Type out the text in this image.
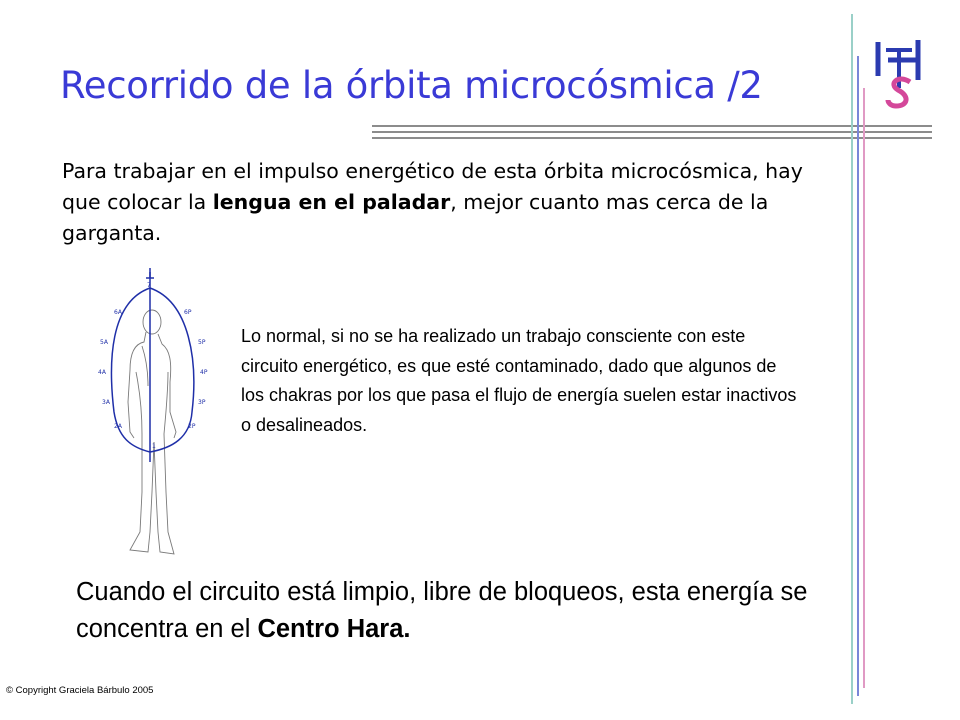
Recorrido de la órbita microcósmica /2
Para trabajar en el impulso energético de esta órbita microcósmica, hay que colocar la lengua en el paladar, mejor cuanto mas cerca de la garganta.
7
1
6A
5A
4A
3A
2A
6P
5P
4P
3P
2P
Lo normal, si no se ha realizado un trabajo consciente con este circuito energético, es que esté contaminado, dado que algunos de los chakras por los que pasa el flujo de energía suelen estar inactivos o desalineados.
Cuando el circuito está limpio, libre de bloqueos, esta energía se concentra en el Centro Hara.
© Copyright Graciela Bárbulo 2005
